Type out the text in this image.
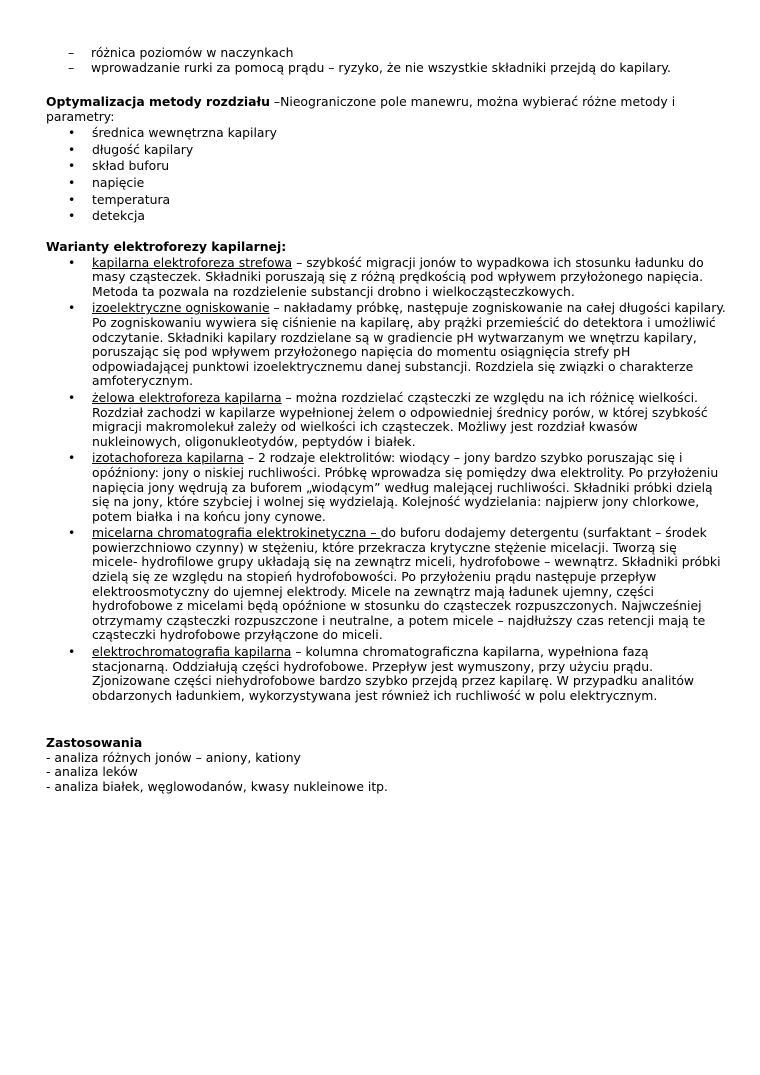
– różnica poziomów w naczynkach
– wprowadzanie rurki za pomocą prądu – ryzyko, że nie wszystkie składniki przejdą do kapilary.

Optymalizacja metody rozdziału –Nieograniczone pole manewru, można wybierać różne metody i parametry:

• średnica wewnętrzna kapilary
• długość kapilary
• skład buforu
• napięcie
• temperatura
• detekcja

Warianty elektroforezy kapilarnej:

• kapilarna elektroforeza strefowa – szybkość migracji jonów to wypadkowa ich stosunku ładunku do masy cząsteczek. Składniki poruszają się z różną prędkością pod wpływem przyłożonego napięcia. Metoda ta pozwala na rozdzielenie substancji drobno i wielkocząsteczkowych.
• izoelektryczne ogniskowanie – nakładamy próbkę, następuje zogniskowanie na całej długości kapilary. Po zogniskowaniu wywiera się ciśnienie na kapilarę, aby prążki przemieścić do detektora i umożliwić odczytanie. Składniki kapilary rozdzielane są w gradiencie pH wytwarzanym we wnętrzu kapilary, poruszając się pod wpływem przyłożonego napięcia do momentu osiągnięcia strefy pH odpowiadającej punktowi izoelektrycznemu danej substancji. Rozdziela się związki o charakterze amfoterycznym.
• żelowa elektroforeza kapilarna – można rozdzielać cząsteczki ze względu na ich różnicę wielkości. Rozdział zachodzi w kapilarze wypełnionej żelem o odpowiedniej średnicy porów, w której szybkość migracji makromolekuł zależy od wielkości ich cząsteczek. Możliwy jest rozdział kwasów nukleinowych, oligonukleotydów, peptydów i białek.
• izotachoforeza kapilarna – 2 rodzaje elektrolitów: wiodący – jony bardzo szybko poruszając się i opóźniony: jony o niskiej ruchliwości. Próbkę wprowadza się pomiędzy dwa elektrolity. Po przyłożeniu napięcia jony wędrują za buforem „wiodącym” według malejącej ruchliwości. Składniki próbki dzielą się na jony, które szybciej i wolnej się wydzielają. Kolejność wydzielania: najpierw jony chlorkowe, potem białka i na końcu jony cynowe.
• micelarna chromatografia elektrokinetyczna – do buforu dodajemy detergentu (surfaktant – środek powierzchniowo czynny) w stężeniu, które przekracza krytyczne stężenie micelacji. Tworzą się micele- hydrofilowe grupy układają się na zewnątrz miceli, hydrofobowe – wewnątrz. Składniki próbki dzielą się ze względu na stopień hydrofobowości. Po przyłożeniu prądu następuje przepływ elektroosmotyczny do ujemnej elektrody. Micele na zewnątrz mają ładunek ujemny, części hydrofobowe z micelami będą opóźnione w stosunku do cząsteczek rozpuszczonych. Najwcześniej otrzymamy cząsteczki rozpuszczone i neutralne, a potem micele – najdłuższy czas retencji mają te cząsteczki hydrofobowe przyłączone do miceli.
• elektrochromatografia kapilarna – kolumna chromatograficzna kapilarna, wypełniona fazą stacjonarną. Oddziałują części hydrofobowe. Przepływ jest wymuszony, przy użyciu prądu. Zjonizowane części niehydrofobowe bardzo szybko przejdą przez kapilarę. W przypadku analitów obdarzonych ładunkiem, wykorzystywana jest również ich ruchliwość w polu elektrycznym.

Zastosowania

- analiza różnych jonów – aniony, kationy

- analiza leków

- analiza białek, węglowodanów, kwasy nukleinowe itp.
